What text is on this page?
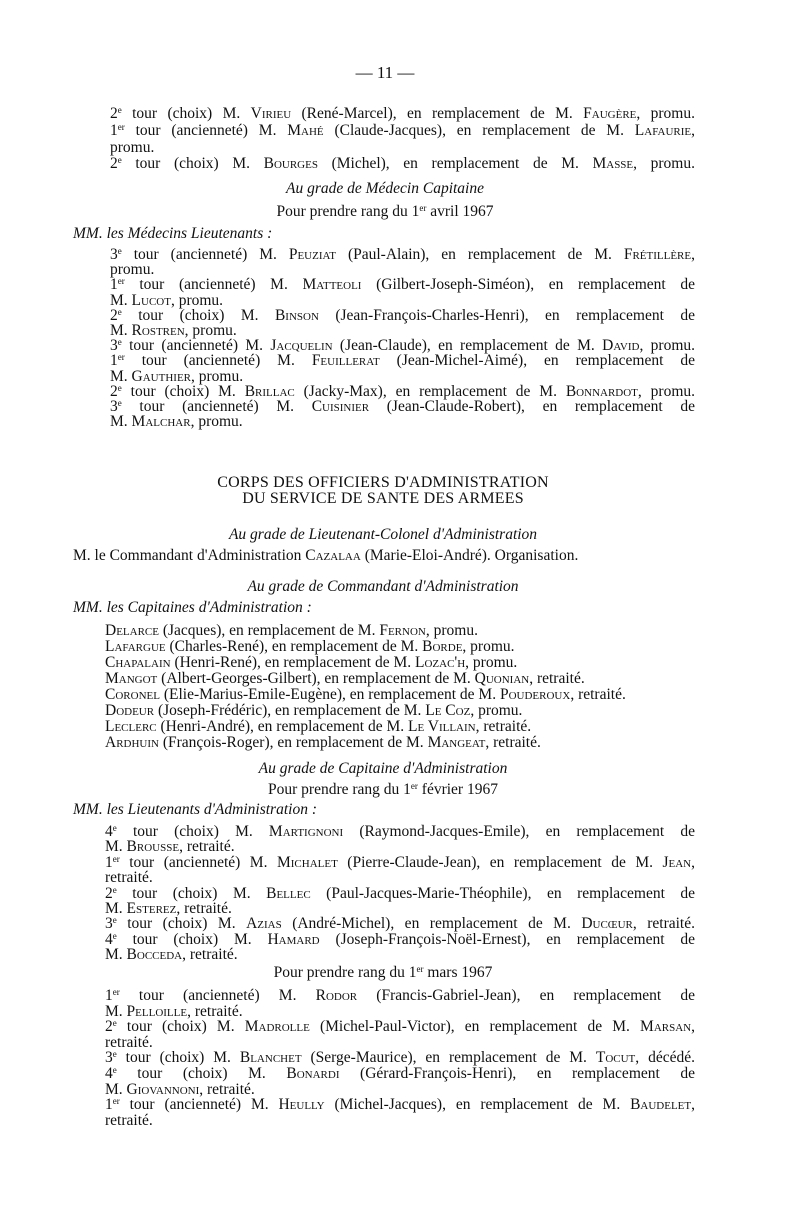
— 11 —
2e tour (choix) M. Virieu (René-Marcel), en remplacement de M. Faugère, promu.
1er tour (ancienneté) M. Mahé (Claude-Jacques), en remplacement de M. Lafaurie,
promu.
2e tour (choix) M. Bourges (Michel), en remplacement de M. Masse, promu.
Au grade de Médecin Capitaine
Pour prendre rang du 1er avril 1967
MM. les Médecins Lieutenants :
3e tour (ancienneté) M. Peuziat (Paul-Alain), en remplacement de M. Frétillère,
promu.
1er tour (ancienneté) M. Matteoli (Gilbert-Joseph-Siméon), en remplacement de
M. Lucot, promu.
2e tour (choix) M. Binson (Jean-François-Charles-Henri), en remplacement de
M. Rostren, promu.
3e tour (ancienneté) M. Jacquelin (Jean-Claude), en remplacement de M. David, promu.
1er tour (ancienneté) M. Feuillerat (Jean-Michel-Aimé), en remplacement de
M. Gauthier, promu.
2e tour (choix) M. Brillac (Jacky-Max), en remplacement de M. Bonnardot, promu.
3e tour (ancienneté) M. Cuisinier (Jean-Claude-Robert), en remplacement de
M. Malchar, promu.
CORPS DES OFFICIERS D'ADMINISTRATION
DU SERVICE DE SANTE DES ARMEES
Au grade de Lieutenant-Colonel d'Administration
M. le Commandant d'Administration Cazalaa (Marie-Eloi-André). Organisation.
Au grade de Commandant d'Administration
MM. les Capitaines d'Administration :
Delarce (Jacques), en remplacement de M. Fernon, promu.
Lafargue (Charles-René), en remplacement de M. Borde, promu.
Chapalain (Henri-René), en remplacement de M. Lozac'h, promu.
Mangot (Albert-Georges-Gilbert), en remplacement de M. Quonian, retraité.
Coronel (Elie-Marius-Emile-Eugène), en remplacement de M. Pouderoux, retraité.
Dodeur (Joseph-Frédéric), en remplacement de M. Le Coz, promu.
Leclerc (Henri-André), en remplacement de M. Le Villain, retraité.
Ardhuin (François-Roger), en remplacement de M. Mangeat, retraité.
Au grade de Capitaine d'Administration
Pour prendre rang du 1er février 1967
MM. les Lieutenants d'Administration :
4e tour (choix) M. Martignoni (Raymond-Jacques-Emile), en remplacement de
M. Brousse, retraité.
1er tour (ancienneté) M. Michalet (Pierre-Claude-Jean), en remplacement de M. Jean,
retraité.
2e tour (choix) M. Bellec (Paul-Jacques-Marie-Théophile), en remplacement de
M. Esterez, retraité.
3e tour (choix) M. Azias (André-Michel), en remplacement de M. Ducœur, retraité.
4e tour (choix) M. Hamard (Joseph-François-Noël-Ernest), en remplacement de
M. Bocceda, retraité.
Pour prendre rang du 1er mars 1967
1er tour (ancienneté) M. Rodor (Francis-Gabriel-Jean), en remplacement de
M. Pelloille, retraité.
2e tour (choix) M. Madrolle (Michel-Paul-Victor), en remplacement de M. Marsan,
retraité.
3e tour (choix) M. Blanchet (Serge-Maurice), en remplacement de M. Tocut, décédé.
4e tour (choix) M. Bonardi (Gérard-François-Henri), en remplacement de
M. Giovannoni, retraité.
1er tour (ancienneté) M. Heully (Michel-Jacques), en remplacement de M. Baudelet,
retraité.
